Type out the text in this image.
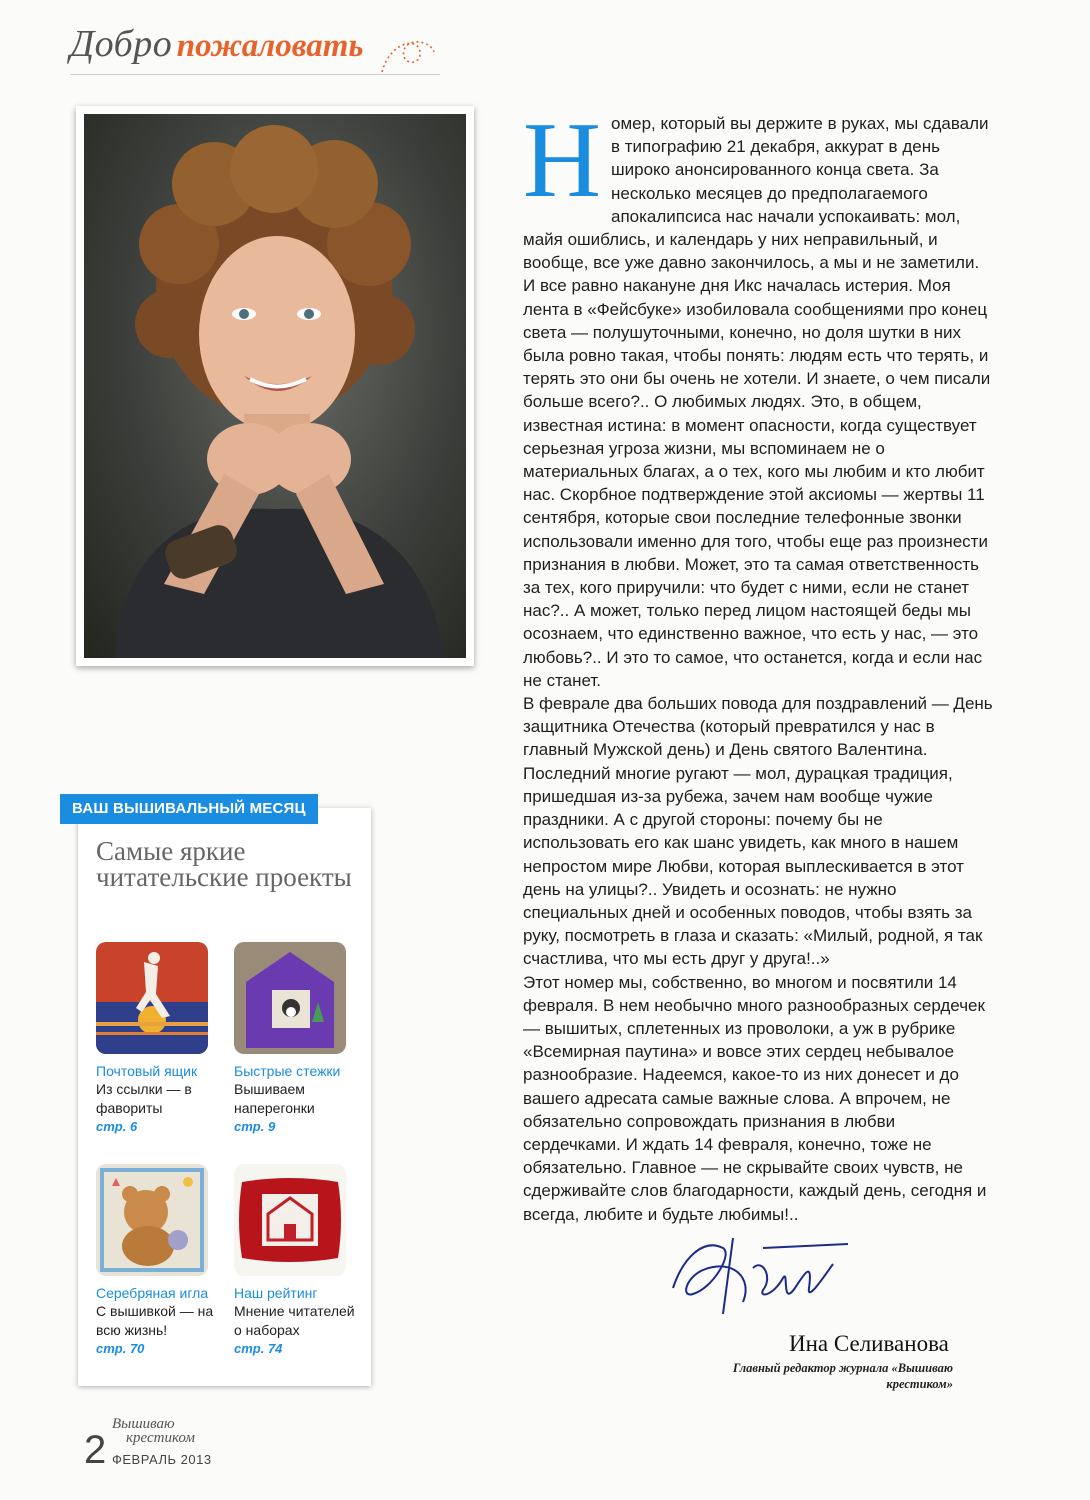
Добро пожаловать
Н омер, который вы держите в руках, мы сдавали в типографию 21 декабря, аккурат в день широко анонсированного конца света. За несколько месяцев до предполагаемого апокалипсиса нас начали успокаивать: мол, майя ошиблись, и календарь у них неправильный, и вообще, все уже давно закончилось, а мы и не заметили. И все равно накануне дня Икс началась истерия. Моя лента в «Фейсбуке» изобиловала сообщениями про конец света — полушуточными, конечно, но доля шутки в них была ровно такая, чтобы понять: людям есть что терять, и терять это они бы очень не хотели. И знаете, о чем писали больше всего?.. О любимых людях. Это, в общем, известная истина: в момент опасности, когда существует серьезная угроза жизни, мы вспоминаем не о материальных благах, а о тех, кого мы любим и кто любит нас. Скорбное подтверждение этой аксиомы — жертвы 11 сентября, которые свои последние телефонные звонки использовали именно для того, чтобы еще раз произнести признания в любви. Может, это та самая ответственность за тех, кого приручили: что будет с ними, если не станет нас?.. А может, только перед лицом настоящей беды мы осознаем, что единственно важное, что есть у нас, — это любовь?.. И это то самое, что останется, когда и если нас не станет.

В феврале два больших повода для поздравлений — День защитника Отечества (который превратился у нас в главный Мужской день) и День святого Валентина. Последний многие ругают — мол, дурацкая традиция, пришедшая из-за рубежа, зачем нам вообще чужие праздники. А с другой стороны: почему бы не использовать его как шанс увидеть, как много в нашем непростом мире Любви, которая выплескивается в этот день на улицы?.. Увидеть и осознать: не нужно специальных дней и особенных поводов, чтобы взять за руку, посмотреть в глаза и сказать: «Милый, родной, я так счастлива, что мы есть друг у друга!..»

Этот номер мы, собственно, во многом и посвятили 14 февраля. В нем необычно много разнообразных сердечек — вышитых, сплетенных из проволоки, а уж в рубрике «Всемирная паутина» и вовсе этих сердец небывалое разнообразие. Надеемся, какое-то из них донесет и до вашего адресата самые важные слова. А впрочем, не обязательно сопровождать признания в любви сердечками. И ждать 14 февраля, конечно, тоже не обязательно. Главное — не скрывайте своих чувств, не сдерживайте слов благодарности, каждый день, сегодня и всегда, любите и будьте любимы!..

ВАШ ВЫШИВАЛЬНЫЙ МЕСЯЦ
Самые яркие читательские проекты
Почтовый ящик
Из ссылки — в фавориты
стр. 6
Быстрые стежки
Вышиваем наперегонки
стр. 9
Серебряная игла
С вышивкой — на всю жизнь!
стр. 70
Наш рейтинг
Мнение читателей о наборах
стр. 74	Ина Селиванова
Главный редактор журнала «Вышиваю крестиком»
2
Вышиваю
крестиком
ФЕВРАЛЬ 2013
